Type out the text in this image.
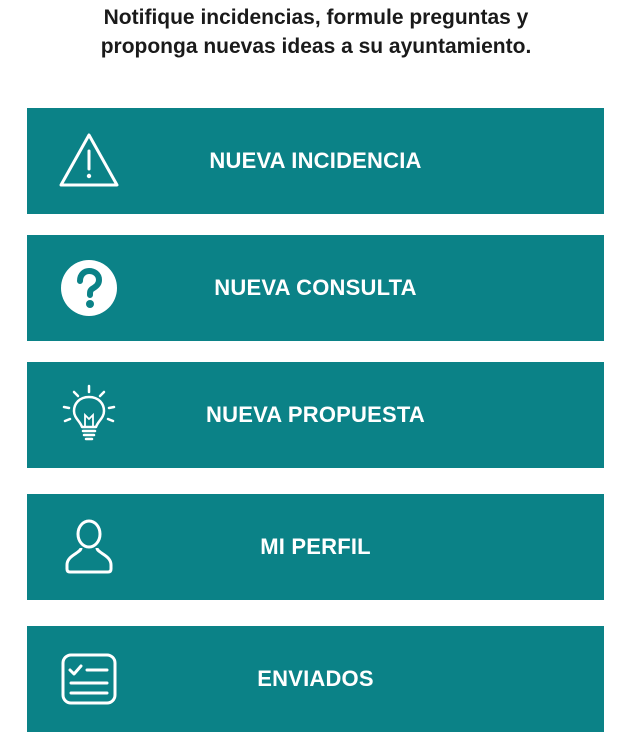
Notifique incidencias, formule preguntas y
proponga nuevas ideas a su ayuntamiento.
NUEVA INCIDENCIA
NUEVA CONSULTA
NUEVA PROPUESTA
MI PERFIL
ENVIADOS
